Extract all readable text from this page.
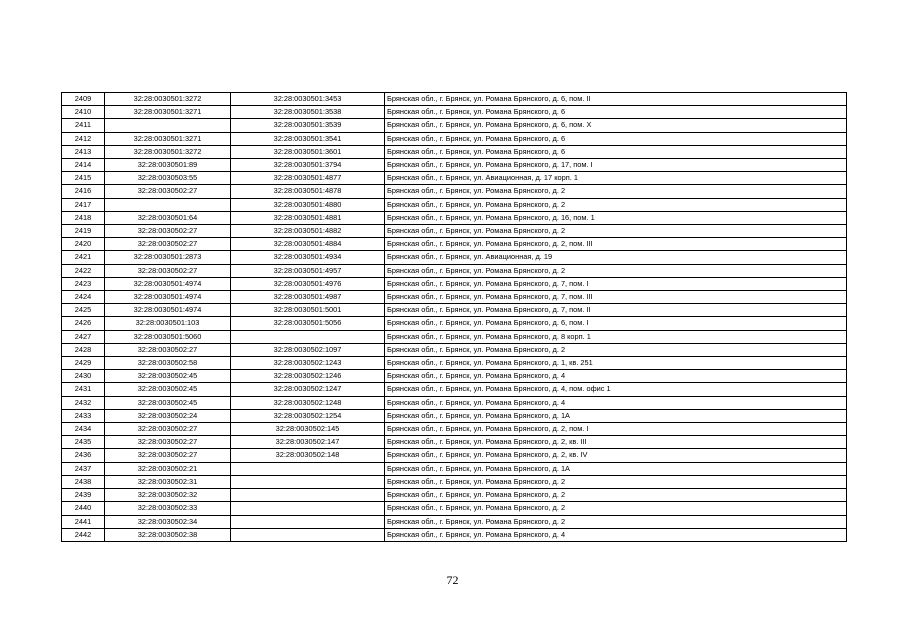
2409	32:28:0030501:3272	32:28:0030501:3453	Брянская обл., г. Брянск, ул. Романа Брянского, д. 6, пом. II
2410	32:28:0030501:3271	32:28:0030501:3538	Брянская обл., г. Брянск, ул. Романа Брянского, д. 6
2411		32:28:0030501:3539	Брянская обл., г. Брянск, ул. Романа Брянского, д. 6, пом. X
2412	32:28:0030501:3271	32:28:0030501:3541	Брянская обл., г. Брянск, ул. Романа Брянского, д. 6
2413	32:28:0030501:3272	32:28:0030501:3601	Брянская обл., г. Брянск, ул. Романа Брянского, д. 6
2414	32:28:0030501:89	32:28:0030501:3794	Брянская обл., г. Брянск, ул. Романа Брянского, д. 17, пом. I
2415	32:28:0030503:55	32:28:0030501:4877	Брянская обл., г. Брянск, ул. Авиационная, д. 17 корп. 1
2416	32:28:0030502:27	32:28:0030501:4878	Брянская обл., г. Брянск, ул. Романа Брянского, д. 2
2417		32:28:0030501:4880	Брянская обл., г. Брянск, ул. Романа Брянского, д. 2
2418	32:28:0030501:64	32:28:0030501:4881	Брянская обл., г. Брянск, ул. Романа Брянского, д. 16, пом. 1
2419	32:28:0030502:27	32:28:0030501:4882	Брянская обл., г. Брянск, ул. Романа Брянского, д. 2
2420	32:28:0030502:27	32:28:0030501:4884	Брянская обл., г. Брянск, ул. Романа Брянского, д. 2, пом. III
2421	32:28:0030501:2873	32:28:0030501:4934	Брянская обл., г. Брянск, ул. Авиационная, д. 19
2422	32:28:0030502:27	32:28:0030501:4957	Брянская обл., г. Брянск, ул. Романа Брянского, д. 2
2423	32:28:0030501:4974	32:28:0030501:4976	Брянская обл., г. Брянск, ул. Романа Брянского, д. 7, пом. I
2424	32:28:0030501:4974	32:28:0030501:4987	Брянская обл., г. Брянск, ул. Романа Брянского, д. 7, пом. III
2425	32:28:0030501:4974	32:28:0030501:5001	Брянская обл., г. Брянск, ул. Романа Брянского, д. 7, пом. II
2426	32:28:0030501:103	32:28:0030501:5056	Брянская обл., г. Брянск, ул. Романа Брянского, д. 6, пом. I
2427	32:28:0030501:5060		Брянская обл., г. Брянск, ул. Романа Брянского, д. 8 корп. 1
2428	32:28:0030502:27	32:28:0030502:1097	Брянская обл., г. Брянск, ул. Романа Брянского, д. 2
2429	32:28:0030502:58	32:28:0030502:1243	Брянская обл., г. Брянск, ул. Романа Брянского, д. 1, кв. 251
2430	32:28:0030502:45	32:28:0030502:1246	Брянская обл., г. Брянск, ул. Романа Брянского, д. 4
2431	32:28:0030502:45	32:28:0030502:1247	Брянская обл., г. Брянск, ул. Романа Брянского, д. 4, пом. офис 1
2432	32:28:0030502:45	32:28:0030502:1248	Брянская обл., г. Брянск, ул. Романа Брянского, д. 4
2433	32:28:0030502:24	32:28:0030502:1254	Брянская обл., г. Брянск, ул. Романа Брянского, д. 1А
2434	32:28:0030502:27	32:28:0030502:145	Брянская обл., г. Брянск, ул. Романа Брянского, д. 2, пом. I
2435	32:28:0030502:27	32:28:0030502:147	Брянская обл., г. Брянск, ул. Романа Брянского, д. 2, кв. III
2436	32:28:0030502:27	32:28:0030502:148	Брянская обл., г. Брянск, ул. Романа Брянского, д. 2, кв. IV
2437	32:28:0030502:21		Брянская обл., г. Брянск, ул. Романа Брянского, д. 1А
2438	32:28:0030502:31		Брянская обл., г. Брянск, ул. Романа Брянского, д. 2
2439	32:28:0030502:32		Брянская обл., г. Брянск, ул. Романа Брянского, д. 2
2440	32:28:0030502:33		Брянская обл., г. Брянск, ул. Романа Брянского, д. 2
2441	32:28:0030502:34		Брянская обл., г. Брянск, ул. Романа Брянского, д. 2
2442	32:28:0030502:38		Брянская обл., г. Брянск, ул. Романа Брянского, д. 4
72
